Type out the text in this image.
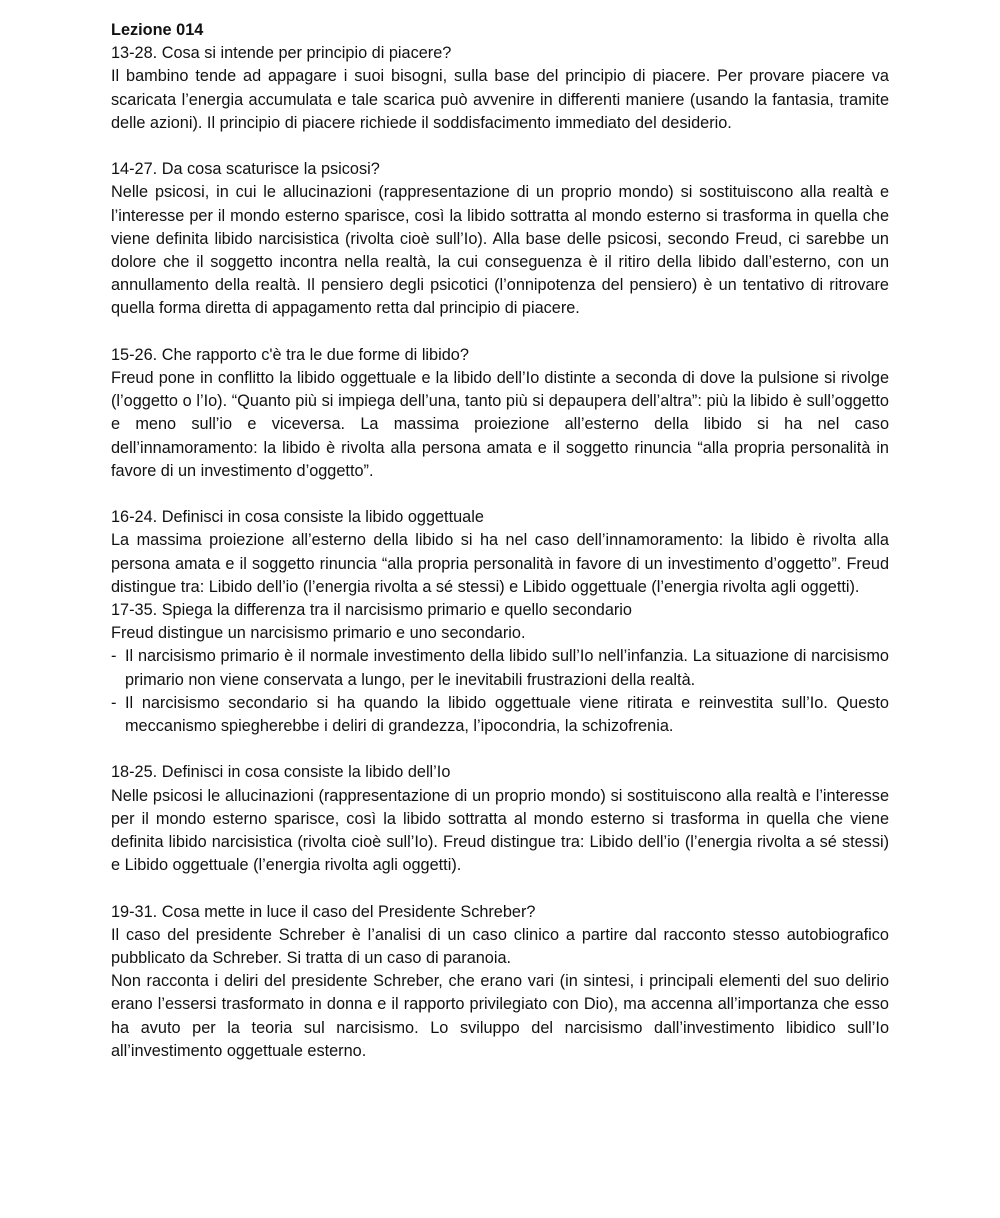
Lezione 014

13-28. Cosa si intende per principio di piacere?

Il bambino tende ad appagare i suoi bisogni, sulla base del principio di piacere. Per provare piacere va scaricata l’energia accumulata e tale scarica può avvenire in differenti maniere (usando la fantasia, tramite delle azioni). Il principio di piacere richiede il soddisfacimento immediato del desiderio.

14-27. Da cosa scaturisce la psicosi?

Nelle psicosi, in cui le allucinazioni (rappresentazione di un proprio mondo) si sostituiscono alla realtà e l’interesse per il mondo esterno sparisce, così la libido sottratta al mondo esterno si trasforma in quella che viene definita libido narcisistica (rivolta cioè sull’Io). Alla base delle psicosi, secondo Freud, ci sarebbe un dolore che il soggetto incontra nella realtà, la cui conseguenza è il ritiro della libido dall’esterno, con un annullamento della realtà. Il pensiero degli psicotici (l’onnipotenza del pensiero) è un tentativo di ritrovare quella forma diretta di appagamento retta dal principio di piacere.

15-26. Che rapporto c'è tra le due forme di libido?

Freud pone in conflitto la libido oggettuale e la libido dell’Io distinte a seconda di dove la pulsione si rivolge (l’oggetto o l’Io). “Quanto più si impiega dell’una, tanto più si depaupera dell’altra”: più la libido è sull’oggetto e meno sull’io e viceversa. La massima proiezione all’esterno della libido si ha nel caso dell’innamoramento: la libido è rivolta alla persona amata e il soggetto rinuncia “alla propria personalità in favore di un investimento d’oggetto”.

16-24. Definisci in cosa consiste la libido oggettuale

La massima proiezione all’esterno della libido si ha nel caso dell’innamoramento: la libido è rivolta alla persona amata e il soggetto rinuncia “alla propria personalità in favore di un investimento d’oggetto”. Freud distingue tra: Libido dell’io (l’energia rivolta a sé stessi) e Libido oggettuale (l’energia rivolta agli oggetti).

17-35. Spiega la differenza tra il narcisismo primario e quello secondario

Freud distingue un narcisismo primario e uno secondario.

- Il narcisismo primario è il normale investimento della libido sull’Io nell’infanzia. La situazione di narcisismo primario non viene conservata a lungo, per le inevitabili frustrazioni della realtà.
- Il narcisismo secondario si ha quando la libido oggettuale viene ritirata e reinvestita sull’Io. Questo meccanismo spiegherebbe i deliri di grandezza, l’ipocondria, la schizofrenia.

18-25. Definisci in cosa consiste la libido dell’Io

Nelle psicosi le allucinazioni (rappresentazione di un proprio mondo) si sostituiscono alla realtà e l’interesse per il mondo esterno sparisce, così la libido sottratta al mondo esterno si trasforma in quella che viene definita libido narcisistica (rivolta cioè sull’Io). Freud distingue tra: Libido dell’io (l’energia rivolta a sé stessi) e Libido oggettuale (l’energia rivolta agli oggetti).

19-31. Cosa mette in luce il caso del Presidente Schreber?

Il caso del presidente Schreber è l’analisi di un caso clinico a partire dal racconto stesso autobiografico pubblicato da Schreber. Si tratta di un caso di paranoia.

Non racconta i deliri del presidente Schreber, che erano vari (in sintesi, i principali elementi del suo delirio erano l’essersi trasformato in donna e il rapporto privilegiato con Dio), ma accenna all’importanza che esso ha avuto per la teoria sul narcisismo. Lo sviluppo del narcisismo dall’investimento libidico sull’Io all’investimento oggettuale esterno.
